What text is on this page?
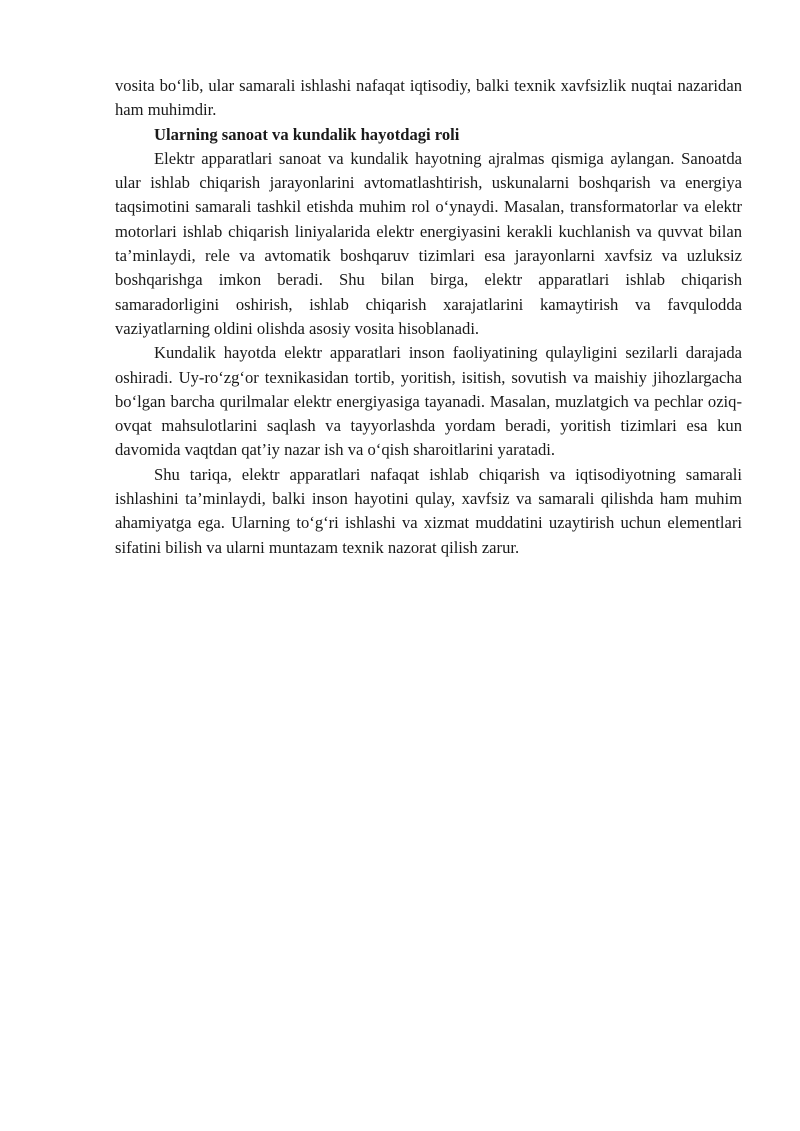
vosita bo‘lib, ular samarali ishlashi nafaqat iqtisodiy, balki texnik xavfsizlik nuqtai nazaridan ham muhimdir.

Ularning sanoat va kundalik hayotdagi roli

Elektr apparatlari sanoat va kundalik hayotning ajralmas qismiga aylangan. Sanoatda ular ishlab chiqarish jarayonlarini avtomatlashtirish, uskunalarni boshqarish va energiya taqsimotini samarali tashkil etishda muhim rol o‘ynaydi. Masalan, transformatorlar va elektr motorlari ishlab chiqarish liniyalarida elektr energiyasini kerakli kuchlanish va quvvat bilan ta’minlaydi, rele va avtomatik boshqaruv tizimlari esa jarayonlarni xavfsiz va uzluksiz boshqarishga imkon beradi. Shu bilan birga, elektr apparatlari ishlab chiqarish samaradorligini oshirish, ishlab chiqarish xarajatlarini kamaytirish va favqulodda vaziyatlarning oldini olishda asosiy vosita hisoblanadi.

Kundalik hayotda elektr apparatlari inson faoliyatining qulayligini sezilarli darajada oshiradi. Uy-ro‘zg‘or texnikasidan tortib, yoritish, isitish, sovutish va maishiy jihozlargacha bo‘lgan barcha qurilmalar elektr energiyasiga tayanadi. Masalan, muzlatgich va pechlar oziq-ovqat mahsulotlarini saqlash va tayyorlashda yordam beradi, yoritish tizimlari esa kun davomida vaqtdan qat’iy nazar ish va o‘qish sharoitlarini yaratadi.

Shu tariqa, elektr apparatlari nafaqat ishlab chiqarish va iqtisodiyotning samarali ishlashini ta’minlaydi, balki inson hayotini qulay, xavfsiz va samarali qilishda ham muhim ahamiyatga ega. Ularning to‘g‘ri ishlashi va xizmat muddatini uzaytirish uchun elementlari sifatini bilish va ularni muntazam texnik nazorat qilish zarur.
